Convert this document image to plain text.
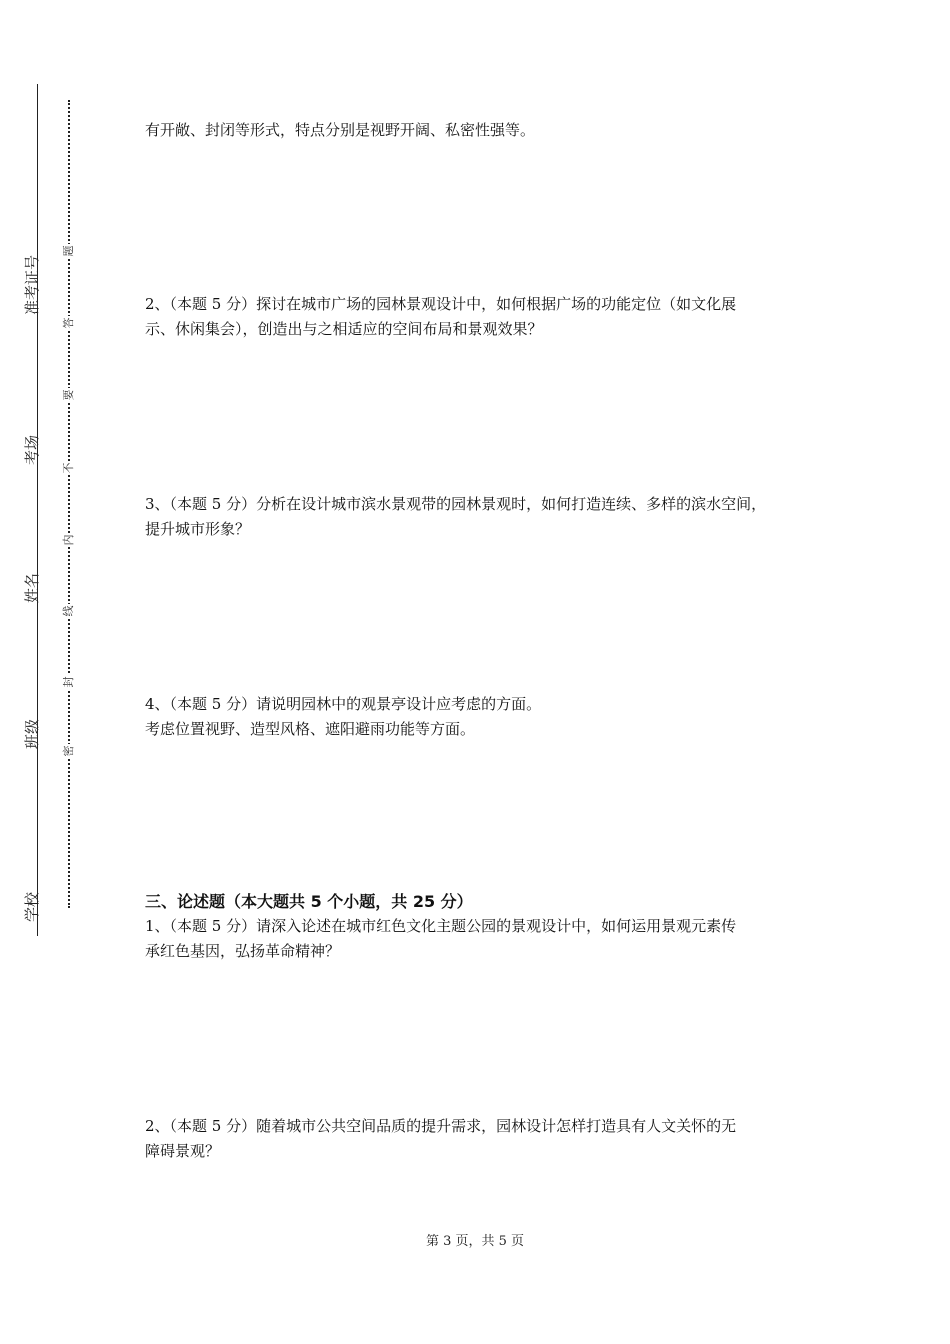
学校
班级
姓名
考场
准考证号
密
封
线
内
不
要
答
题
有开敞、封闭等形式，特点分别是视野开阔、私密性强等。
2、（本题 5 分）探讨在城市广场的园林景观设计中，如何根据广场的功能定位（如文化展
示、休闲集会），创造出与之相适应的空间布局和景观效果？
3、（本题 5 分）分析在设计城市滨水景观带的园林景观时，如何打造连续、多样的滨水空间，
提升城市形象？
4、（本题 5 分）请说明园林中的观景亭设计应考虑的方面。
考虑位置视野、造型风格、遮阳避雨功能等方面。
三、论述题（本大题共 5 个小题，共 25 分）
1、（本题 5 分）请深入论述在城市红色文化主题公园的景观设计中，如何运用景观元素传
承红色基因，弘扬革命精神？
2、（本题 5 分）随着城市公共空间品质的提升需求，园林设计怎样打造具有人文关怀的无
障碍景观？
第 3 页，共 5 页
